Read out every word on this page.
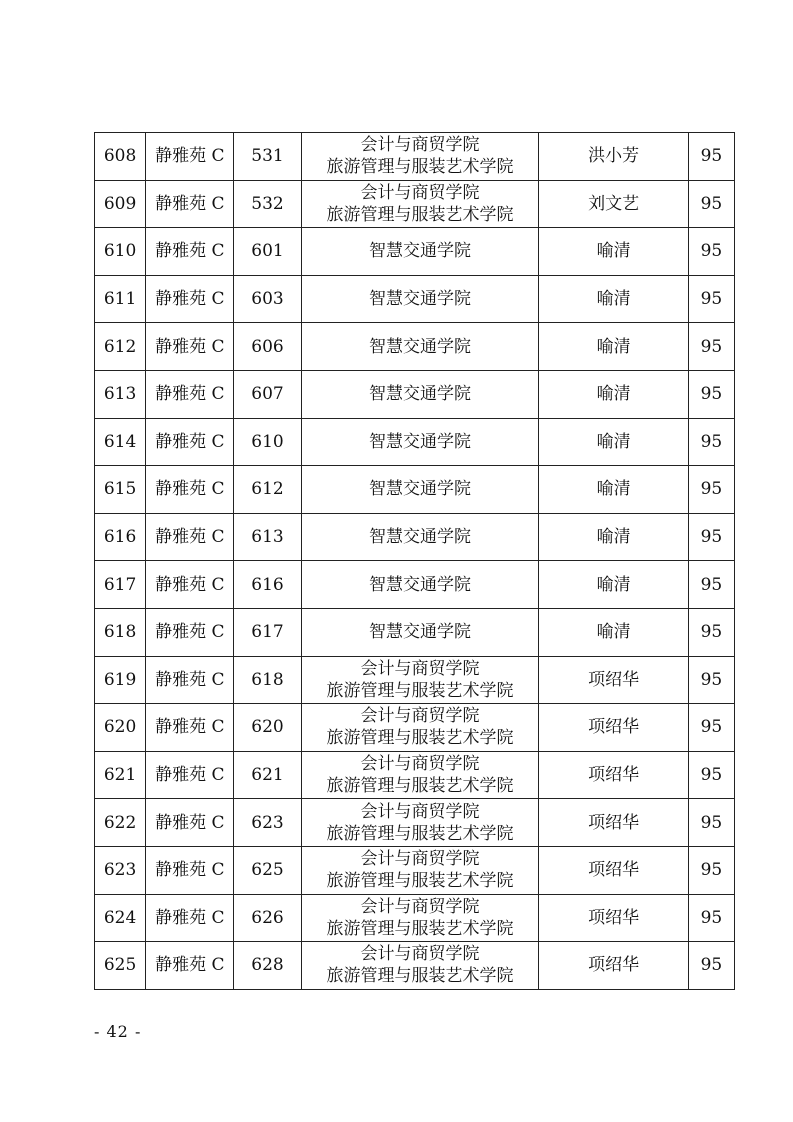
608	静雅苑 C	531	会计与商贸学院
旅游管理与服装艺术学院	洪小芳	95
609	静雅苑 C	532	会计与商贸学院
旅游管理与服装艺术学院	刘文艺	95
610	静雅苑 C	601	智慧交通学院	喻清	95
611	静雅苑 C	603	智慧交通学院	喻清	95
612	静雅苑 C	606	智慧交通学院	喻清	95
613	静雅苑 C	607	智慧交通学院	喻清	95
614	静雅苑 C	610	智慧交通学院	喻清	95
615	静雅苑 C	612	智慧交通学院	喻清	95
616	静雅苑 C	613	智慧交通学院	喻清	95
617	静雅苑 C	616	智慧交通学院	喻清	95
618	静雅苑 C	617	智慧交通学院	喻清	95
619	静雅苑 C	618	会计与商贸学院
旅游管理与服装艺术学院	项绍华	95
620	静雅苑 C	620	会计与商贸学院
旅游管理与服装艺术学院	项绍华	95
621	静雅苑 C	621	会计与商贸学院
旅游管理与服装艺术学院	项绍华	95
622	静雅苑 C	623	会计与商贸学院
旅游管理与服装艺术学院	项绍华	95
623	静雅苑 C	625	会计与商贸学院
旅游管理与服装艺术学院	项绍华	95
624	静雅苑 C	626	会计与商贸学院
旅游管理与服装艺术学院	项绍华	95
625	静雅苑 C	628	会计与商贸学院
旅游管理与服装艺术学院	项绍华	95
- 42 -
